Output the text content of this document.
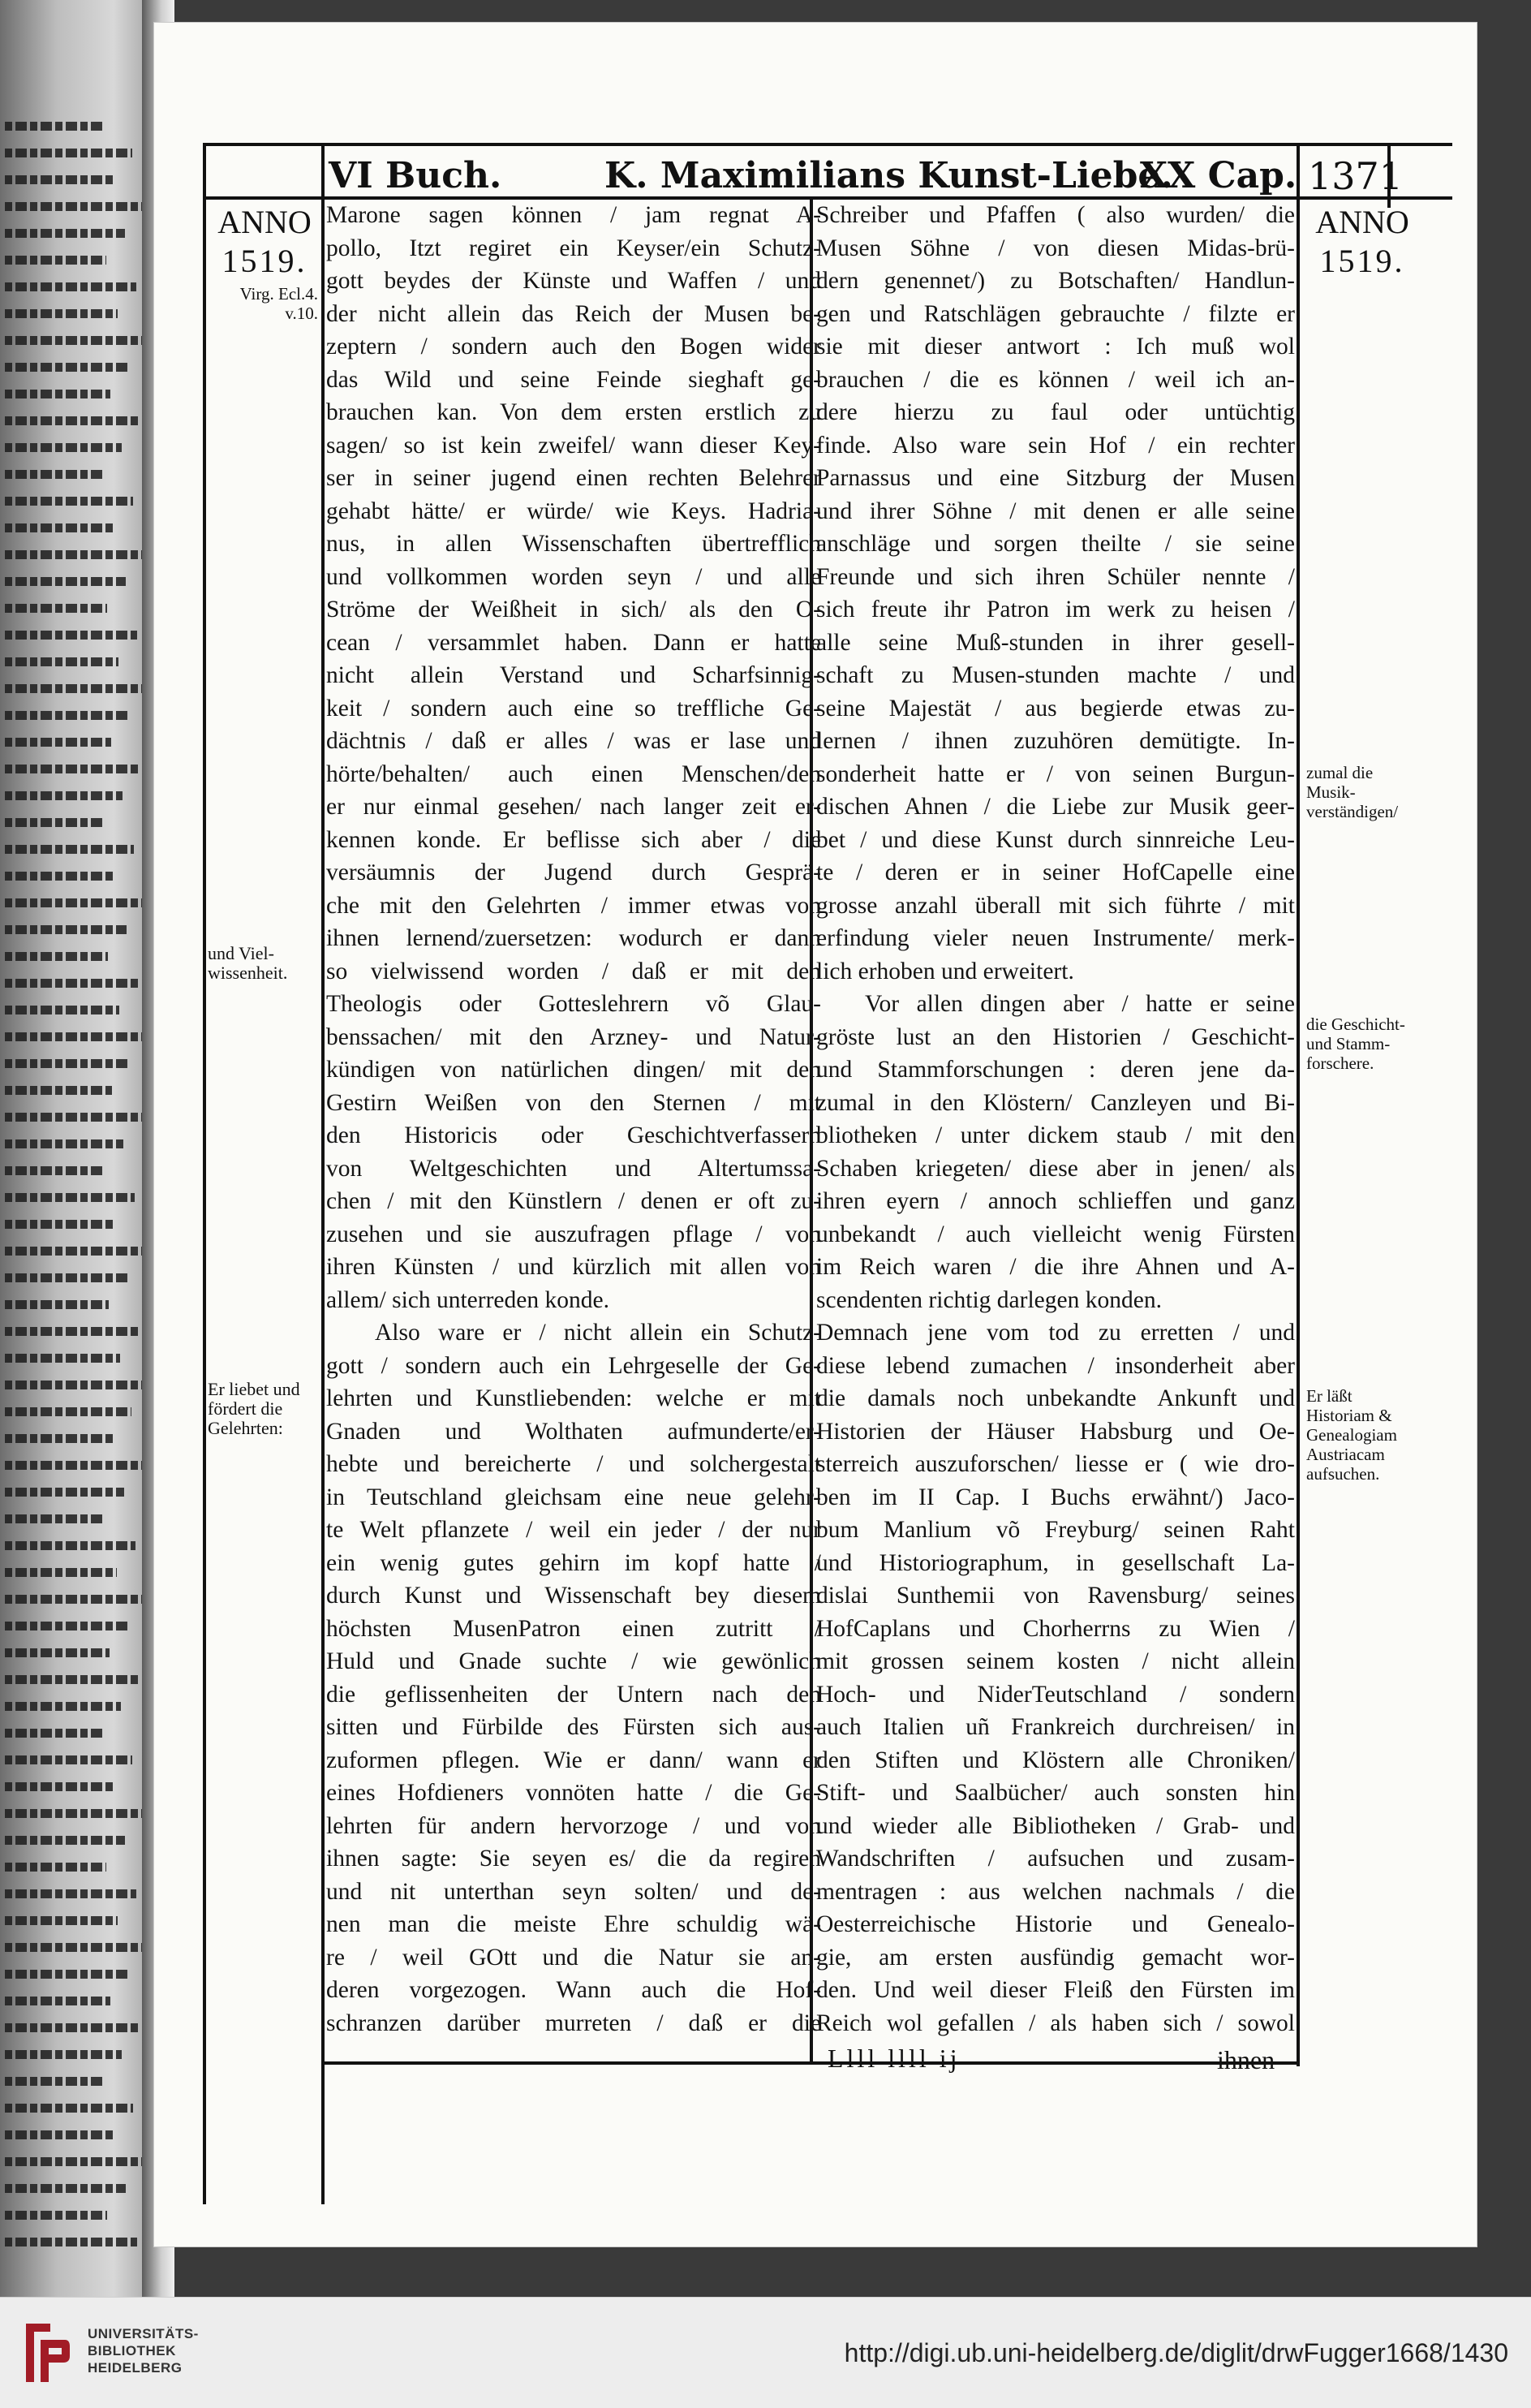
VI Buch.	K. Maximilians Kunst-Liebe.
XX Cap. 1371
ANNO
1519.
ANNO
1519.
Virg. Ecl.4. v.10.
und Viel-wissenheit.
Er liebet und fördert die Gelehrten:
zumal die Musik-verständigen/
die Geschicht- und Stamm-forschere.
Er läßt Historiam & Genealogiam Austriacam aufsuchen.
Marone sagen können / jam regnat A-
pollo, Itzt regiret ein Keyser/ein Schutz-
gott beydes der Künste und Waffen / und
der nicht allein das Reich der Musen be-
zeptern / sondern auch den Bogen wider
das Wild und seine Feinde sieghaft ge-
brauchen kan. Von dem ersten erstlich zu
sagen/ so ist kein zweifel/ wann dieser Key-
ser in seiner jugend einen rechten Belehrer
gehabt hätte/ er würde/ wie Keys. Hadria-
nus, in allen Wissenschaften übertrefflich
und vollkommen worden seyn / und alle
Ströme der Weißheit in sich/ als den O-
cean / versammlet haben. Dann er hatte
nicht allein Verstand und Scharfsinnig-
keit / sondern auch eine so treffliche Ge-
dächtnis / daß er alles / was er lase und
hörte/behalten/ auch einen Menschen/den
er nur einmal gesehen/ nach langer zeit er-
kennen konde. Er beflisse sich aber / die
versäumnis der Jugend durch Gesprä-
che mit den Gelehrten / immer etwas von
ihnen lernend/zuersetzen: wodurch er dann
so vielwissend worden / daß er mit den
Theologis oder Gotteslehrern võ Glau-
benssachen/ mit den Arzney- und Natur-
kündigen von natürlichen dingen/ mit den
Gestirn Weißen von den Sternen / mit
den Historicis oder Geschichtverfassern
von Weltgeschichten und Altertumssa-
chen / mit den Künstlern / denen er oft zu-
zusehen und sie auszufragen pflage / von
ihren Künsten / und kürzlich mit allen von
allem/ sich unterreden konde.
Also ware er / nicht allein ein Schutz-
gott / sondern auch ein Lehrgeselle der Ge-
lehrten und Kunstliebenden: welche er mit
Gnaden und Wolthaten aufmunderte/er-
hebte und bereicherte / und solchergestalt
in Teutschland gleichsam eine neue gelehr-
te Welt pflanzete / weil ein jeder / der nur
ein wenig gutes gehirn im kopf hatte /
durch Kunst und Wissenschaft bey diesem
höchsten MusenPatron einen zutritt /
Huld und Gnade suchte / wie gewönlich
die geflissenheiten der Untern nach den
sitten und Fürbilde des Fürsten sich aus-
zuformen pflegen. Wie er dann/ wann er
eines Hofdieners vonnöten hatte / die Ge-
lehrten für andern hervorzoge / und von
ihnen sagte: Sie seyen es/ die da regiren
und nit unterthan seyn solten/ und de-
nen man die meiste Ehre schuldig wä-
re / weil GOtt und die Natur sie an-
deren vorgezogen. Wann auch die Hof-
schranzen darüber murreten / daß er die
Schreiber und Pfaffen ( also wurden/ die
Musen Söhne / von diesen Midas-brü-
dern genennet/) zu Botschaften/ Handlun-
gen und Ratschlägen gebrauchte / filzte er
sie mit dieser antwort : Ich muß wol
brauchen / die es können / weil ich an-
dere hierzu zu faul oder untüchtig
finde. Also ware sein Hof / ein rechter
Parnassus und eine Sitzburg der Musen
und ihrer Söhne / mit denen er alle seine
anschläge und sorgen theilte / sie seine
Freunde und sich ihren Schüler nennte /
sich freute ihr Patron im werk zu heisen /
alle seine Muß-stunden in ihrer gesell-
schaft zu Musen-stunden machte / und
seine Majestät / aus begierde etwas zu-
lernen / ihnen zuzuhören demütigte. In-
sonderheit hatte er / von seinen Burgun-
dischen Ahnen / die Liebe zur Musik geer-
bet / und diese Kunst durch sinnreiche Leu-
te / deren er in seiner HofCapelle eine
grosse anzahl überall mit sich führte / mit
erfindung vieler neuen Instrumente/ merk-
lich erhoben und erweitert.
Vor allen dingen aber / hatte er seine
gröste lust an den Historien / Geschicht-
und Stammforschungen : deren jene da-
zumal in den Klöstern/ Canzleyen und Bi-
bliotheken / unter dickem staub / mit den
Schaben kriegeten/ diese aber in jenen/ als
ihren eyern / annoch schlieffen und ganz
unbekandt / auch vielleicht wenig Fürsten
im Reich waren / die ihre Ahnen und A-
scendenten richtig darlegen konden.
Demnach jene vom tod zu erretten / und
diese lebend zumachen / insonderheit aber
die damals noch unbekandte Ankunft und
Historien der Häuser Habsburg und Oe-
sterreich auszuforschen/ liesse er ( wie dro-
ben im II Cap. I Buchs erwähnt/) Jaco-
bum Manlium võ Freyburg/ seinen Raht
und Historiographum, in gesellschaft La-
dislai Sunthemii von Ravensburg/ seines
HofCaplans und Chorherrns zu Wien /
mit grossen seinem kosten / nicht allein
Hoch- und NiderTeutschland / sondern
auch Italien uñ Frankreich durchreisen/ in
den Stiften und Klöstern alle Chroniken/
Stift- und Saalbücher/ auch sonsten hin
und wieder alle Bibliotheken / Grab- und
Wandschriften / aufsuchen und zusam-
mentragen : aus welchen nachmals / die
Oesterreichische Historie und Genealo-
gie, am ersten ausfündig gemacht wor-
den. Und weil dieser Fleiß den Fürsten im
Reich wol gefallen / als haben sich / sowol
Llll llll ij	ihnen
UNIVERSITÄTS-
BIBLIOTHEK
HEIDELBERG
http://digi.ub.uni-heidelberg.de/diglit/drwFugger1668/1430
